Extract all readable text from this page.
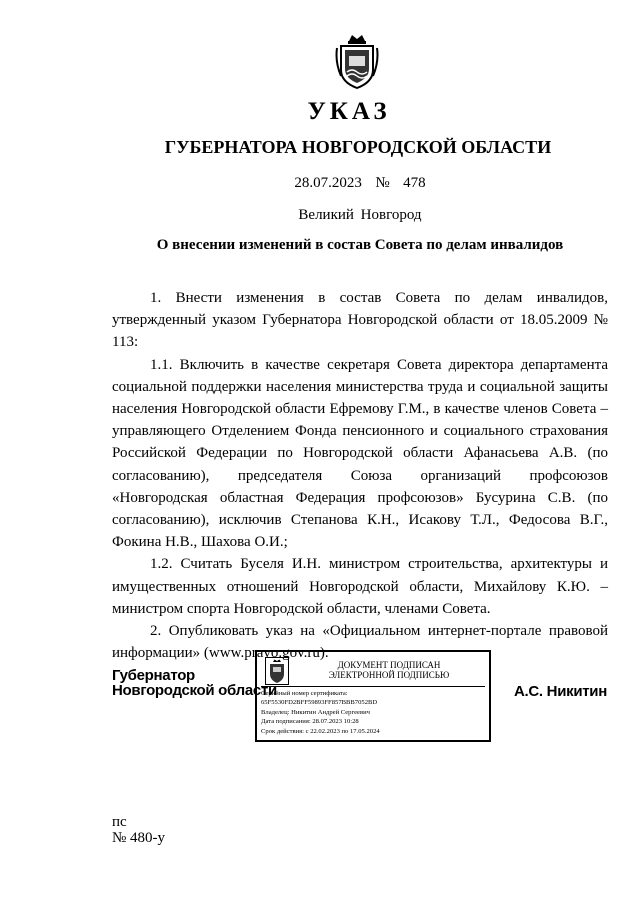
УКАЗ
ГУБЕРНАТОРА НОВГОРОДСКОЙ ОБЛАСТИ
28.07.2023 № 478
Великий Новгород
О внесении изменений в состав Совета по делам инвалидов

1. Внести изменения в состав Совета по делам инвалидов, утвержденный указом Губернатора Новгородской области от 18.05.2009 № 113:

1.1. Включить в качестве секретаря Совета директора департамента социальной поддержки населения министерства труда и социальной защиты населения Новгородской области Ефремову Г.М., в качестве членов Совета – управляющего Отделением Фонда пенсионного и социального страхования Российской Федерации по Новгородской области Афанасьева А.В. (по согласованию), председателя Союза организаций профсоюзов «Новгородская областная Федерация профсоюзов» Бусурина С.В. (по согласованию), исключив Степанова К.Н., Исакову Т.Л., Федосова В.Г., Фокина Н.В., Шахова О.И.;

1.2. Считать Буселя И.Н. министром строительства, архитектуры и имущественных отношений Новгородской области, Михайлову К.Ю. – министром спорта Новгородской области, членами Совета.

2. Опубликовать указ на «Официальном интернет-портале правовой информации» (www.pravo.gov.ru).

Губернатор
Новгородской области
ДОКУМЕНТ ПОДПИСАН
ЭЛЕКТРОННОЙ ПОДПИСЬЮ
Серийный номер сертификата:
65F5530FD2BFF59893FF857BBB7052BD
Владелец: Никитин Андрей Сергеевич
Дата подписания: 28.07.2023 10:28
Срок действия: с 22.02.2023 по 17.05.2024
А.С. Никитин
пс
№ 480-у
